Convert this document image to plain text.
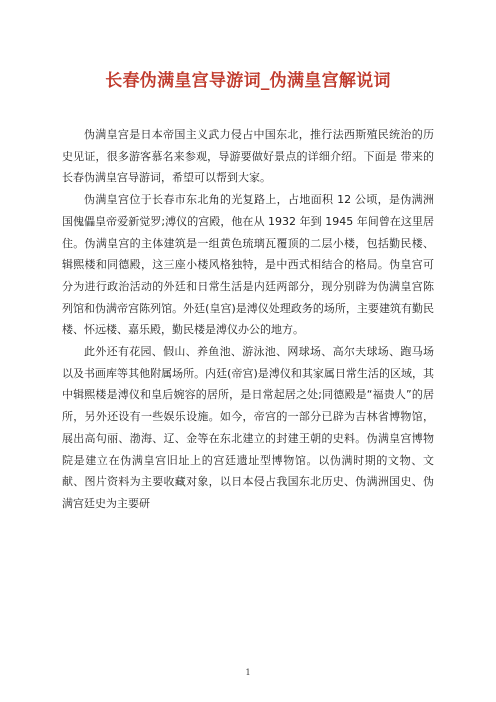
长春伪满皇宫导游词_伪满皇宫解说词

伪满皇宫是日本帝国主义武力侵占中国东北，推行法西斯殖民统治的历史见证，很多游客慕名来参观，导游要做好景点的详细介绍。下面是 带来的长春伪满皇宫导游词，希望可以帮到大家。

伪满皇宫位于长春市东北角的光复路上，占地面积 12 公顷，是伪满洲国傀儡皇帝爱新觉罗;溥仪的宫殿，他在从 1932 年到 1945 年间曾在这里居住。伪满皇宫的主体建筑是一组黄色琉璃瓦覆顶的二层小楼，包括勤民楼、辑熙楼和同德殿，这三座小楼风格独特，是中西式相结合的格局。伪皇宫可分为进行政治活动的外廷和日常生活是内廷两部分，现分别辟为伪满皇宫陈列馆和伪满帝宫陈列馆。外廷(皇宫)是溥仪处理政务的场所，主要建筑有勤民楼、怀远楼、嘉乐殿，勤民楼是溥仪办公的地方。

此外还有花园、假山、养鱼池、游泳池、网球场、高尔夫球场、跑马场以及书画库等其他附属场所。内廷(帝宫)是溥仪和其家属日常生活的区域，其中辑熙楼是溥仪和皇后婉容的居所，是日常起居之处;同德殿是“福贵人”的居所，另外还设有一些娱乐设施。如今，帝宫的一部分已辟为吉林省博物馆，展出高句丽、渤海、辽、金等在东北建立的封建王朝的史料。伪满皇宫博物院是建立在伪满皇宫旧址上的宫廷遗址型博物馆。以伪满时期的文物、文献、图片资料为主要收藏对象，以日本侵占我国东北历史、伪满洲国史、伪满宫廷史为主要研

1
